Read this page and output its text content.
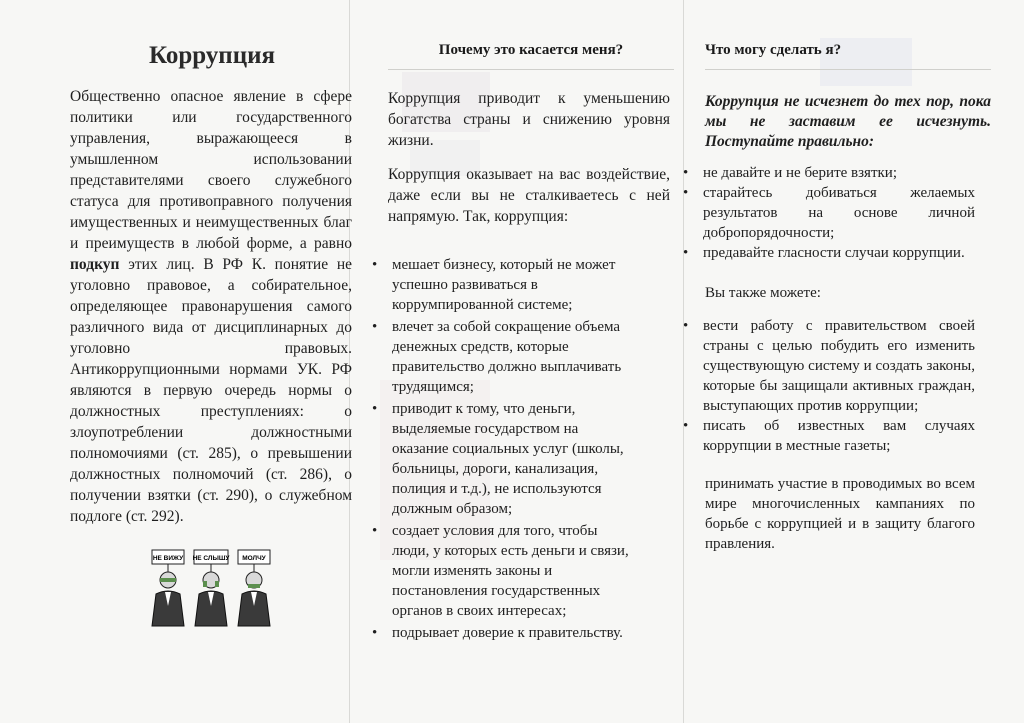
Коррупция

Общественно опасное явление в сфере политики или государственного управления, выражающееся в умышленном использовании представителями своего служебного статуса для противоправного получения имущественных и неимущественных благ и преимуществ в любой форме, а равно подкуп этих лиц. В РФ К. понятие не уголовно правовое, а собирательное, определяющее правонарушения самого различного вида от дисциплинарных до уголовно правовых. Антикоррупционными нормами УК. РФ являются в первую очередь нормы о должностных преступлениях: о злоупотреблении должностными полномочиями (ст. 285), о превышении должностных полномочий (ст. 286), о получении взятки (ст. 290), о служебном подлоге (ст. 292).

НЕ ВИЖУ НЕ СЛЫШУ МОЛЧУ
Почему это касается меня?

Коррупция приводит к уменьшению богатства страны и снижению уровня жизни.

Коррупция оказывает на вас воздействие, даже если вы не сталкиваетесь с ней напрямую. Так, коррупция:

• мешает бизнесу, который не может успешно развиваться в коррумпированной системе;
• влечет за собой сокращение объема денежных средств, которые правительство должно выплачивать трудящимся;
• приводит к тому, что деньги, выделяемые государством на оказание социальных услуг (школы, больницы, дороги, канализация, полиция и т.д.), не используются должным образом;
• создает условия для того, чтобы люди, у которых есть деньги и связи, могли изменять законы и постановления государственных органов в своих интересах;
• подрывает доверие к правительству.
Что могу сделать я?

Коррупция не исчезнет до тех пор, пока мы не заставим ее исчезнуть. Поступайте правильно:

• не давайте и не берите взятки;
• старайтесь добиваться желаемых результатов на основе личной добропорядочности;
• предавайте гласности случаи коррупции.

Вы также можете:

• вести работу с правительством своей страны с целью побудить его изменить существующую систему и создать законы, которые бы защищали активных граждан, выступающих против коррупции;
• писать об известных вам случаях коррупции в местные газеты;

принимать участие в проводимых во всем мире многочисленных кампаниях по борьбе с коррупцией и в защиту благого правления.
